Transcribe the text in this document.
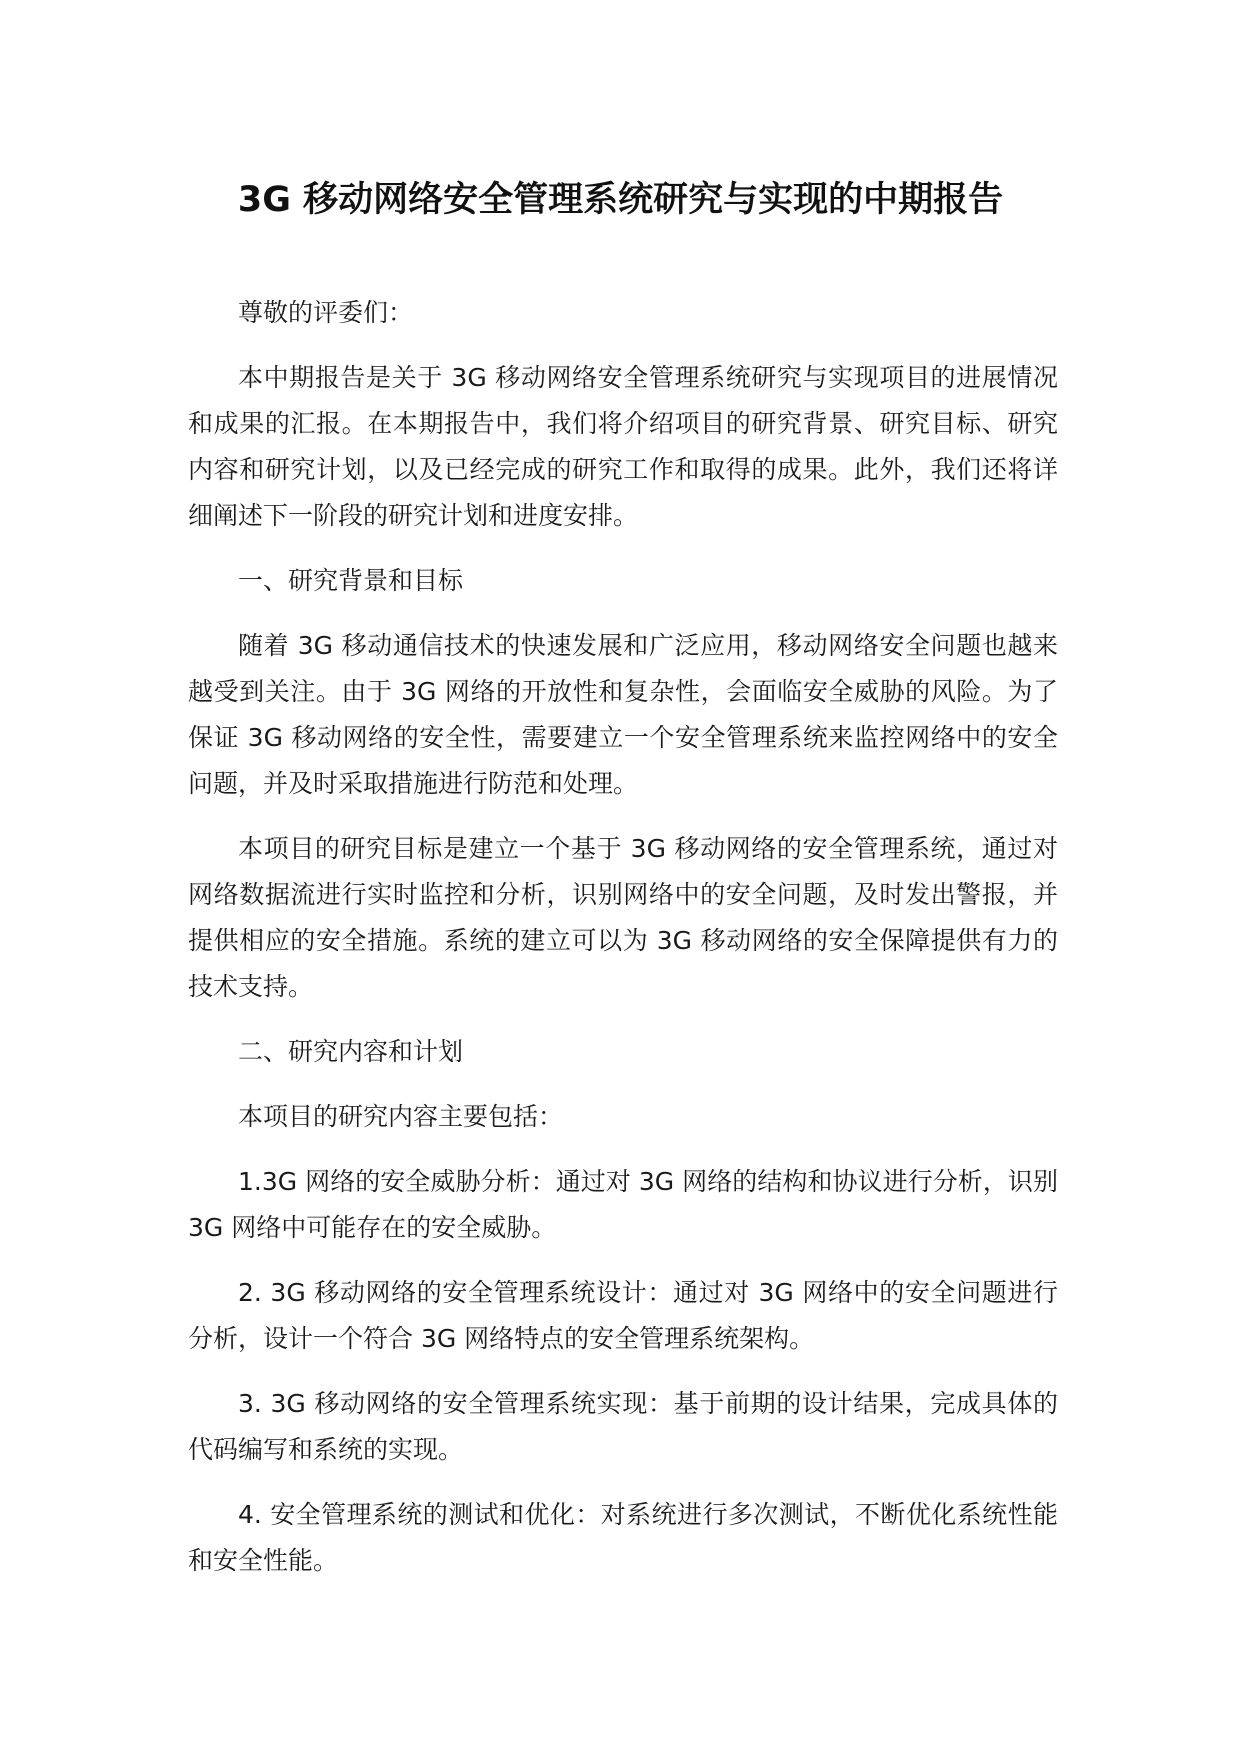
3G 移动网络安全管理系统研究与实现的中期报告

尊敬的评委们：

本中期报告是关于 3G 移动网络安全管理系统研究与实现项目的进展情况和成果的汇报。在本期报告中，我们将介绍项目的研究背景、研究目标、研究内容和研究计划，以及已经完成的研究工作和取得的成果。此外，我们还将详细阐述下一阶段的研究计划和进度安排。

一、研究背景和目标

随着 3G 移动通信技术的快速发展和广泛应用，移动网络安全问题也越来越受到关注。由于 3G 网络的开放性和复杂性，会面临安全威胁的风险。为了保证 3G 移动网络的安全性，需要建立一个安全管理系统来监控网络中的安全问题，并及时采取措施进行防范和处理。

本项目的研究目标是建立一个基于 3G 移动网络的安全管理系统，通过对网络数据流进行实时监控和分析，识别网络中的安全问题，及时发出警报，并提供相应的安全措施。系统的建立可以为 3G 移动网络的安全保障提供有力的技术支持。

二、研究内容和计划

本项目的研究内容主要包括：

1.3G 网络的安全威胁分析：通过对 3G 网络的结构和协议进行分析，识别 3G 网络中可能存在的安全威胁。

2. 3G 移动网络的安全管理系统设计：通过对 3G 网络中的安全问题进行分析，设计一个符合 3G 网络特点的安全管理系统架构。

3. 3G 移动网络的安全管理系统实现：基于前期的设计结果，完成具体的代码编写和系统的实现。

4. 安全管理系统的测试和优化：对系统进行多次测试，不断优化系统性能和安全性能。
